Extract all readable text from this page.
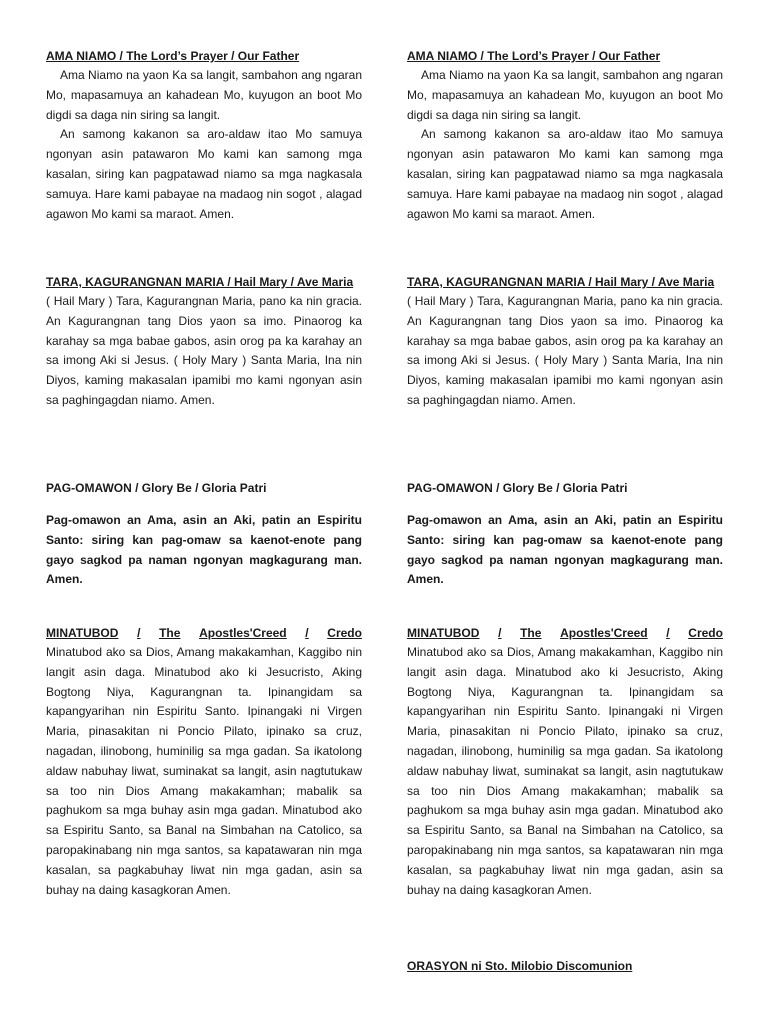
AMA NIAMO / The Lord’s Prayer / Our Father

Ama Niamo na yaon Ka sa langit, sambahon ang ngaran Mo, mapasamuya an kahadean Mo, kuyugon an boot Mo digdi sa daga nin siring sa langit.

An samong kakanon sa aro-aldaw itao Mo samuya ngonyan asin patawaron Mo kami kan samong mga kasalan, siring kan pagpatawad niamo sa mga nagkasala samuya. Hare kami pabayae na madaog nin sogot , alagad agawon Mo kami sa maraot. Amen.

TARA, KAGURANGNAN MARIA / Hail Mary / Ave Maria

( Hail Mary ) Tara, Kagurangnan Maria, pano ka nin gracia. An Kagurangnan tang Dios yaon sa imo. Pinaorog ka karahay sa mga babae gabos, asin orog pa ka karahay an sa imong Aki si Jesus. ( Holy Mary ) Santa Maria, Ina nin Diyos, kaming makasalan ipamibi mo kami ngonyan asin sa paghingagdan niamo. Amen.

PAG-OMAWON / Glory Be / Gloria Patri

Pag-omawon an Ama, asin an Aki, patin an Espiritu Santo: siring kan pag-omaw sa kaenot-enote pang gayo sagkod pa naman ngonyan magkagurang man. Amen.

MINATUBOD / The Apostles'Creed / Credo

Minatubod ako sa Dios, Amang makakamhan, Kaggibo nin langit asin daga. Minatubod ako ki Jesucristo, Aking Bogtong Niya, Kagurangnan ta. Ipinangidam sa kapangyarihan nin Espiritu Santo. Ipinangaki ni Virgen Maria, pinasakitan ni Poncio Pilato, ipinako sa cruz, nagadan, ilinobong, huminilig sa mga gadan. Sa ikatolong aldaw nabuhay liwat, suminakat sa langit, asin nagtutukaw sa too nin Dios Amang makakamhan; mabalik sa paghukom sa mga buhay asin mga gadan. Minatubod ako sa Espiritu Santo, sa Banal na Simbahan na Catolico, sa paropakinabang nin mga santos, sa kapatawaran nin mga kasalan, sa pagkabuhay liwat nin mga gadan, asin sa buhay na daing kasagkoran Amen.

AMA NIAMO / The Lord’s Prayer / Our Father

Ama Niamo na yaon Ka sa langit, sambahon ang ngaran Mo, mapasamuya an kahadean Mo, kuyugon an boot Mo digdi sa daga nin siring sa langit.

An samong kakanon sa aro-aldaw itao Mo samuya ngonyan asin patawaron Mo kami kan samong mga kasalan, siring kan pagpatawad niamo sa mga nagkasala samuya. Hare kami pabayae na madaog nin sogot , alagad agawon Mo kami sa maraot. Amen.

TARA, KAGURANGNAN MARIA / Hail Mary / Ave Maria

( Hail Mary ) Tara, Kagurangnan Maria, pano ka nin gracia. An Kagurangnan tang Dios yaon sa imo. Pinaorog ka karahay sa mga babae gabos, asin orog pa ka karahay an sa imong Aki si Jesus. ( Holy Mary ) Santa Maria, Ina nin Diyos, kaming makasalan ipamibi mo kami ngonyan asin sa paghingagdan niamo. Amen.

PAG-OMAWON / Glory Be / Gloria Patri

Pag-omawon an Ama, asin an Aki, patin an Espiritu Santo: siring kan pag-omaw sa kaenot-enote pang gayo sagkod pa naman ngonyan magkagurang man. Amen.

MINATUBOD / The Apostles'Creed / Credo

Minatubod ako sa Dios, Amang makakamhan, Kaggibo nin langit asin daga. Minatubod ako ki Jesucristo, Aking Bogtong Niya, Kagurangnan ta. Ipinangidam sa kapangyarihan nin Espiritu Santo. Ipinangaki ni Virgen Maria, pinasakitan ni Poncio Pilato, ipinako sa cruz, nagadan, ilinobong, huminilig sa mga gadan. Sa ikatolong aldaw nabuhay liwat, suminakat sa langit, asin nagtutukaw sa too nin Dios Amang makakamhan; mabalik sa paghukom sa mga buhay asin mga gadan. Minatubod ako sa Espiritu Santo, sa Banal na Simbahan na Catolico, sa paropakinabang nin mga santos, sa kapatawaran nin mga kasalan, sa pagkabuhay liwat nin mga gadan, asin sa buhay na daing kasagkoran Amen.

ORASYON ni Sto. Milobio Discomunion
